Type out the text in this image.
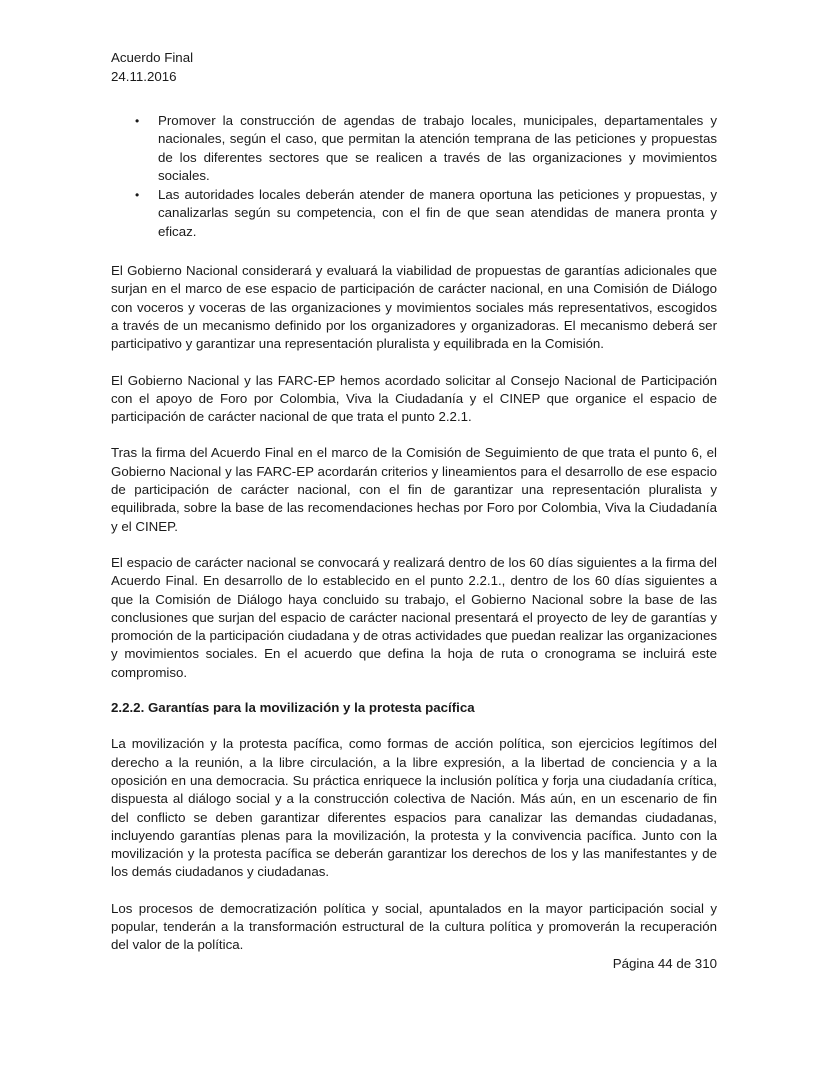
Acuerdo Final
24.11.2016
• Promover la construcción de agendas de trabajo locales, municipales, departamentales y nacionales, según el caso, que permitan la atención temprana de las peticiones y propuestas de los diferentes sectores que se realicen a través de las organizaciones y movimientos sociales.
• Las autoridades locales deberán atender de manera oportuna las peticiones y propuestas, y canalizarlas según su competencia, con el fin de que sean atendidas de manera pronta y eficaz.

El Gobierno Nacional considerará y evaluará la viabilidad de propuestas de garantías adicionales que surjan en el marco de ese espacio de participación de carácter nacional, en una Comisión de Diálogo con voceros y voceras de las organizaciones y movimientos sociales más representativos, escogidos a través de un mecanismo definido por los organizadores y organizadoras. El mecanismo deberá ser participativo y garantizar una representación pluralista y equilibrada en la Comisión.

El Gobierno Nacional y las FARC-EP hemos acordado solicitar al Consejo Nacional de Participación con el apoyo de Foro por Colombia, Viva la Ciudadanía y el CINEP que organice el espacio de participación de carácter nacional de que trata el punto 2.2.1.

Tras la firma del Acuerdo Final en el marco de la Comisión de Seguimiento de que trata el punto 6, el Gobierno Nacional y las FARC-EP acordarán criterios y lineamientos para el desarrollo de ese espacio de participación de carácter nacional, con el fin de garantizar una representación pluralista y equilibrada, sobre la base de las recomendaciones hechas por Foro por Colombia, Viva la Ciudadanía y el CINEP.

El espacio de carácter nacional se convocará y realizará dentro de los 60 días siguientes a la firma del Acuerdo Final. En desarrollo de lo establecido en el punto 2.2.1., dentro de los 60 días siguientes a que la Comisión de Diálogo haya concluido su trabajo, el Gobierno Nacional sobre la base de las conclusiones que surjan del espacio de carácter nacional presentará el proyecto de ley de garantías y promoción de la participación ciudadana y de otras actividades que puedan realizar las organizaciones y movimientos sociales. En el acuerdo que defina la hoja de ruta o cronograma se incluirá este compromiso.

2.2.2. Garantías para la movilización y la protesta pacífica

La movilización y la protesta pacífica, como formas de acción política, son ejercicios legítimos del derecho a la reunión, a la libre circulación, a la libre expresión, a la libertad de conciencia y a la oposición en una democracia. Su práctica enriquece la inclusión política y forja una ciudadanía crítica, dispuesta al diálogo social y a la construcción colectiva de Nación. Más aún, en un escenario de fin del conflicto se deben garantizar diferentes espacios para canalizar las demandas ciudadanas, incluyendo garantías plenas para la movilización, la protesta y la convivencia pacífica. Junto con la movilización y la protesta pacífica se deberán garantizar los derechos de los y las manifestantes y de los demás ciudadanos y ciudadanas.

Los procesos de democratización política y social, apuntalados en la mayor participación social y popular, tenderán a la transformación estructural de la cultura política y promoverán la recuperación del valor de la política.

Página 44 de 310
